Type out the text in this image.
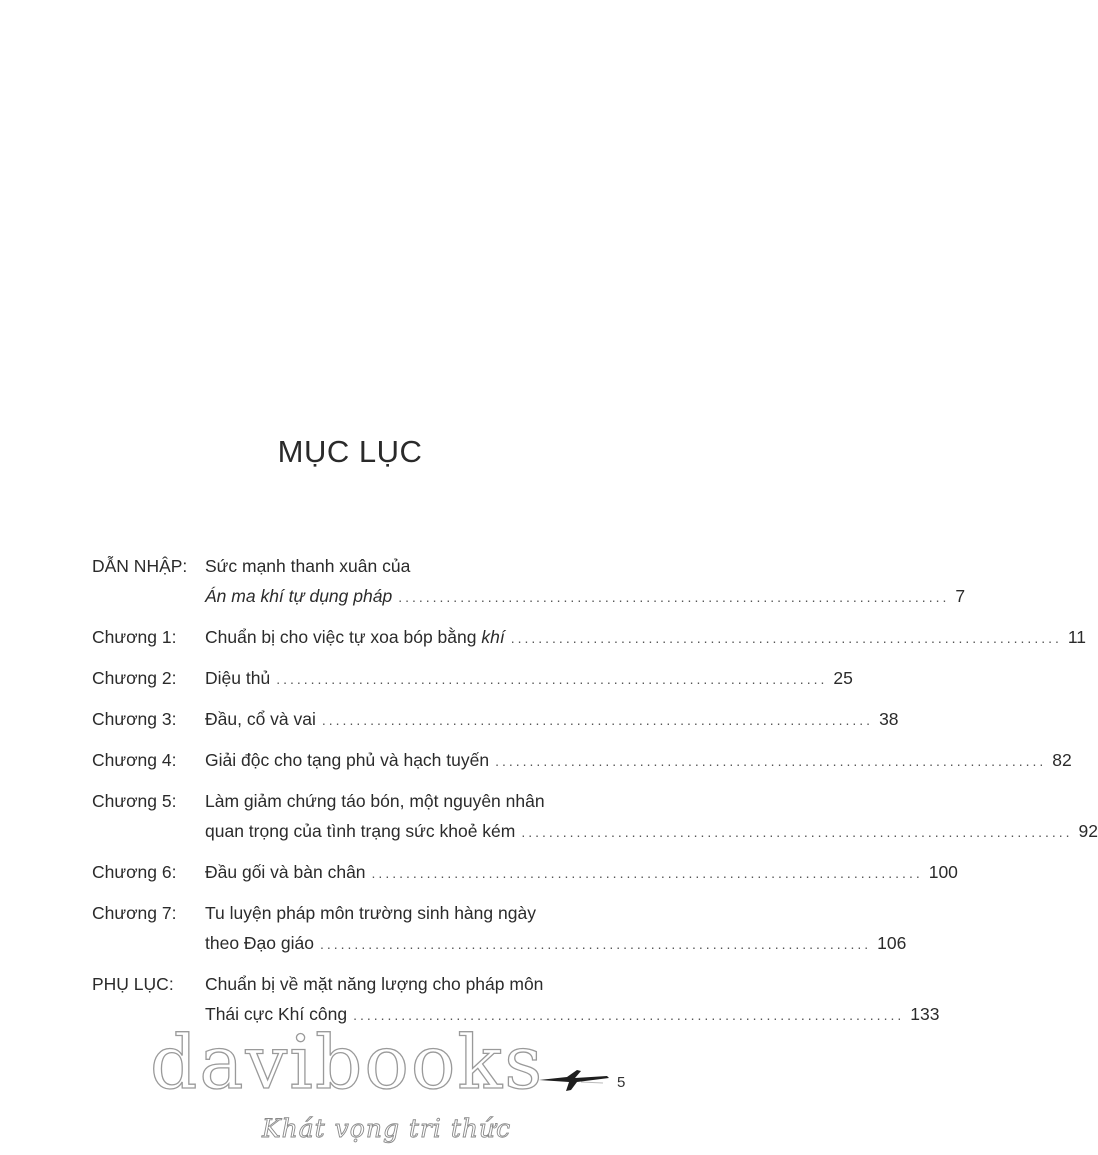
MỤC LỤC
DẪN NHẬP: Sức mạnh thanh xuân của
Án ma khí tự dụng pháp ................................................................................ 7
Chương 1: Chuẩn bị cho việc tự xoa bóp bằng khí ................................................................................ 11
Chương 2: Diệu thủ ................................................................................ 25
Chương 3: Đầu, cổ và vai ................................................................................ 38
Chương 4: Giải độc cho tạng phủ và hạch tuyến ................................................................................ 82
Chương 5: Làm giảm chứng táo bón, một nguyên nhân
quan trọng của tình trạng sức khoẻ kém ................................................................................ 92
Chương 6: Đầu gối và bàn chân ................................................................................ 100
Chương 7: Tu luyện pháp môn trường sinh hàng ngày
theo Đạo giáo ................................................................................ 106
PHỤ LỤC: Chuẩn bị về mặt năng lượng cho pháp môn
Thái cực Khí công ................................................................................ 133
davibooks
Khát vọng tri thức
5
